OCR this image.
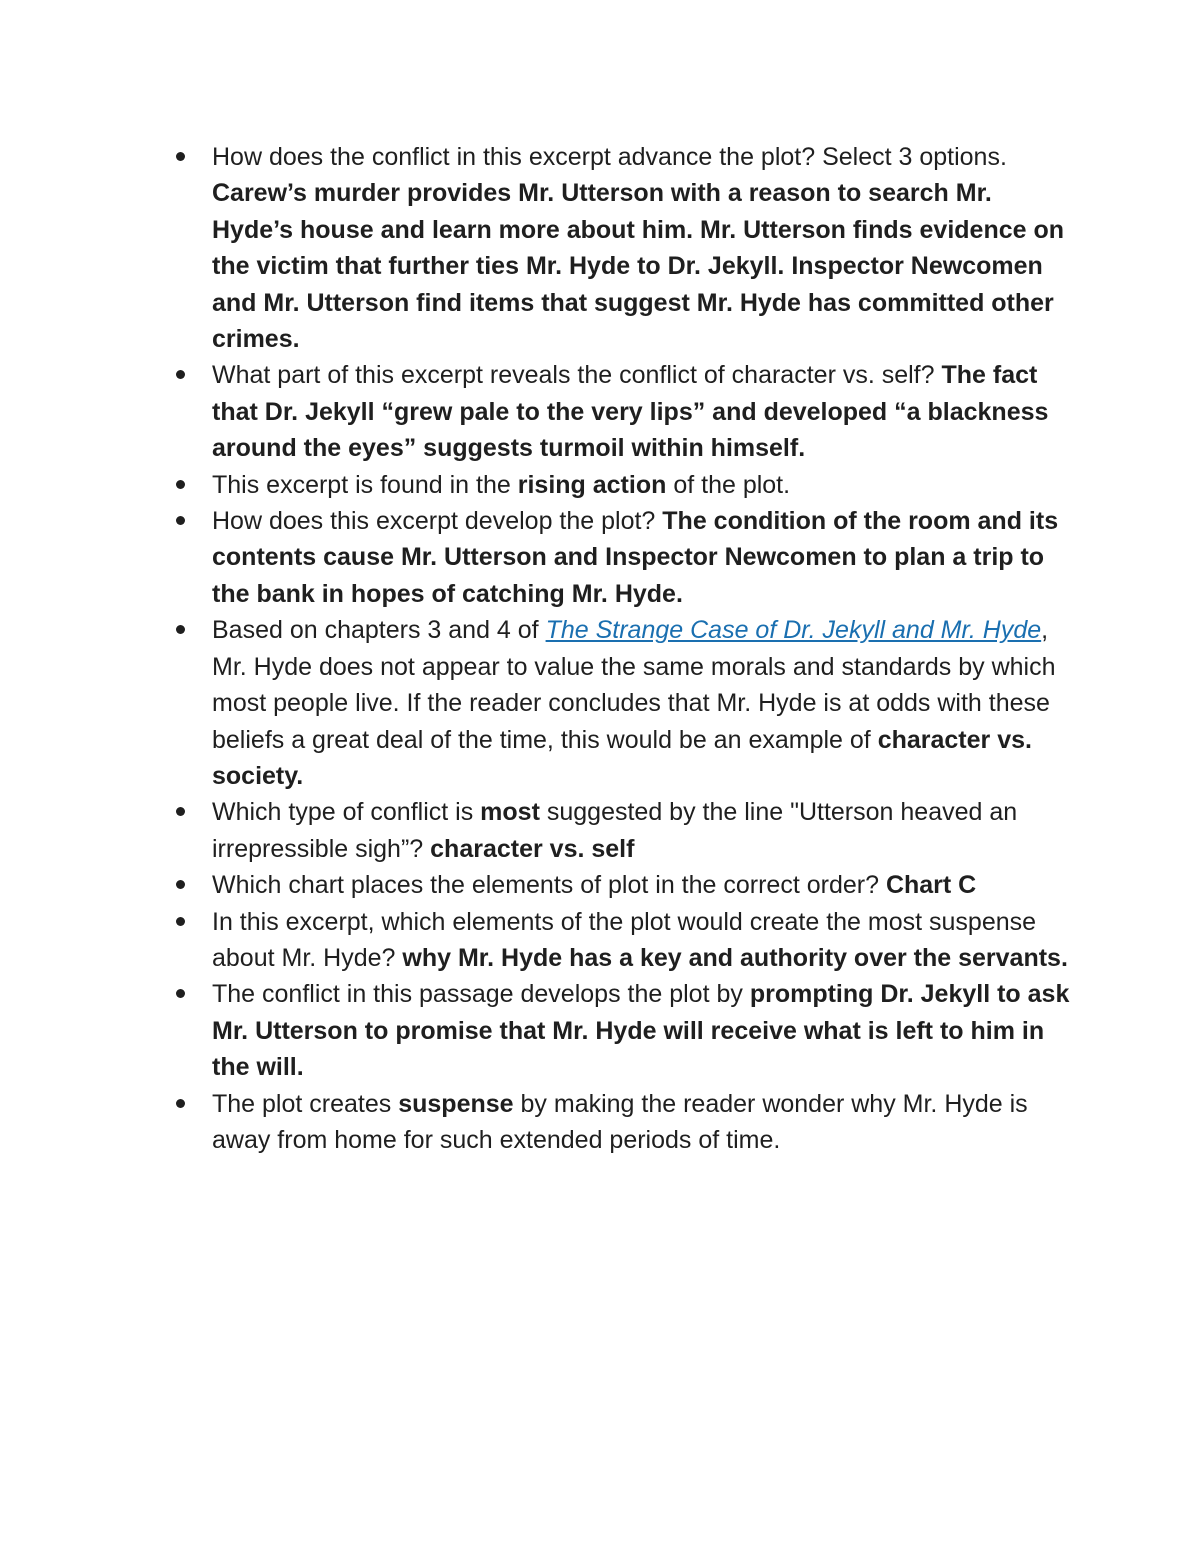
How does the conflict in this excerpt advance the plot? Select 3 options. Carew’s murder provides Mr. Utterson with a reason to search Mr. Hyde’s house and learn more about him. Mr. Utterson finds evidence on the victim that further ties Mr. Hyde to Dr. Jekyll. Inspector Newcomen and Mr. Utterson find items that suggest Mr. Hyde has committed other crimes.
What part of this excerpt reveals the conflict of character vs. self? The fact that Dr. Jekyll “grew pale to the very lips” and developed “a blackness around the eyes” suggests turmoil within himself.
This excerpt is found in the rising action of the plot.
How does this excerpt develop the plot? The condition of the room and its contents cause Mr. Utterson and Inspector Newcomen to plan a trip to the bank in hopes of catching Mr. Hyde.
Based on chapters 3 and 4 of The Strange Case of Dr. Jekyll and Mr. Hyde, Mr. Hyde does not appear to value the same morals and standards by which most people live. If the reader concludes that Mr. Hyde is at odds with these beliefs a great deal of the time, this would be an example of character vs. society.
Which type of conflict is most suggested by the line "Utterson heaved an irrepressible sigh”? character vs. self
Which chart places the elements of plot in the correct order? Chart C
In this excerpt, which elements of the plot would create the most suspense about Mr. Hyde? why Mr. Hyde has a key and authority over the servants.
The conflict in this passage develops the plot by prompting Dr. Jekyll to ask Mr. Utterson to promise that Mr. Hyde will receive what is left to him in the will.
The plot creates suspense by making the reader wonder why Mr. Hyde is away from home for such extended periods of time.
